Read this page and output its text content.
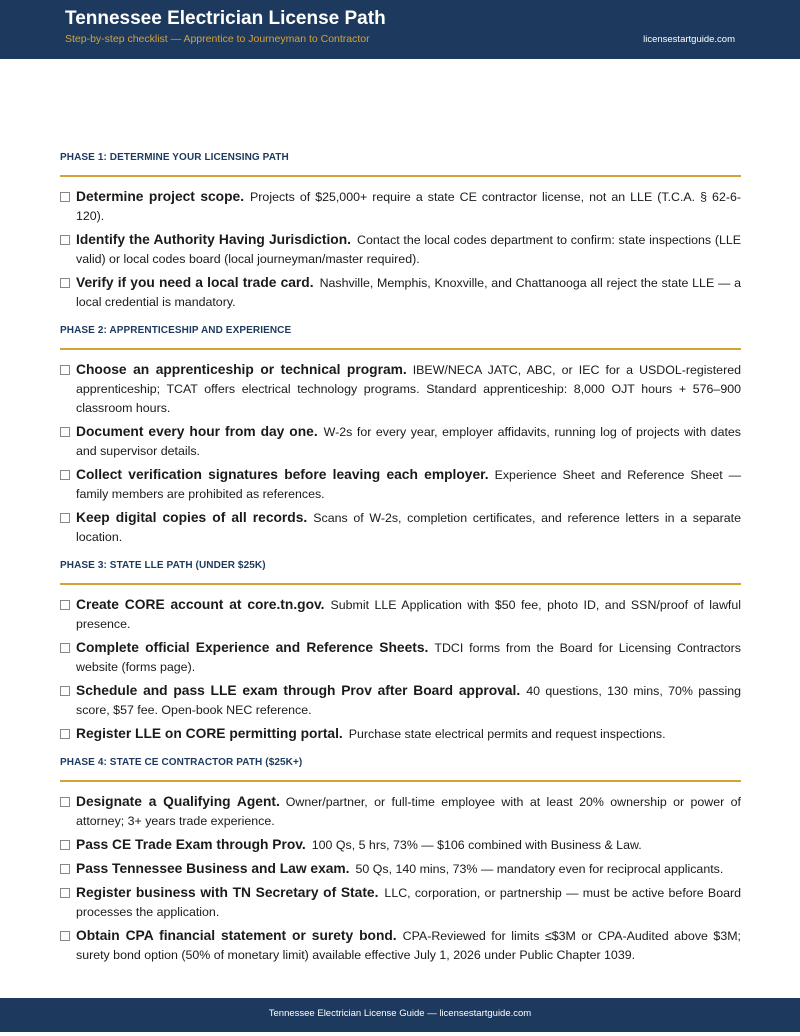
Tennessee Electrician License Path
Step-by-step checklist — Apprentice to Journeyman to Contractor	licensestartguide.com
PHASE 1: DETERMINE YOUR LICENSING PATH
Determine project scope. Projects of $25,000+ require a state CE contractor license, not an LLE (T.C.A. § 62-6-120).
Identify the Authority Having Jurisdiction. Contact the local codes department to confirm: state inspections (LLE valid) or local codes board (local journeyman/master required).
Verify if you need a local trade card. Nashville, Memphis, Knoxville, and Chattanooga all reject the state LLE — a local credential is mandatory.
PHASE 2: APPRENTICESHIP AND EXPERIENCE
Choose an apprenticeship or technical program. IBEW/NECA JATC, ABC, or IEC for a USDOL-registered apprenticeship; TCAT offers electrical technology programs. Standard apprenticeship: 8,000 OJT hours + 576–900 classroom hours.
Document every hour from day one. W-2s for every year, employer affidavits, running log of projects with dates and supervisor details.
Collect verification signatures before leaving each employer. Experience Sheet and Reference Sheet — family members are prohibited as references.
Keep digital copies of all records. Scans of W-2s, completion certificates, and reference letters in a separate location.
PHASE 3: STATE LLE PATH (UNDER $25K)
Create CORE account at core.tn.gov. Submit LLE Application with $50 fee, photo ID, and SSN/proof of lawful presence.
Complete official Experience and Reference Sheets. TDCI forms from the Board for Licensing Contractors website (forms page).
Schedule and pass LLE exam through Prov after Board approval. 40 questions, 130 mins, 70% passing score, $57 fee. Open-book NEC reference.
Register LLE on CORE permitting portal. Purchase state electrical permits and request inspections.
PHASE 4: STATE CE CONTRACTOR PATH ($25K+)
Designate a Qualifying Agent. Owner/partner, or full-time employee with at least 20% ownership or power of attorney; 3+ years trade experience.
Pass CE Trade Exam through Prov. 100 Qs, 5 hrs, 73% — $106 combined with Business & Law.
Pass Tennessee Business and Law exam. 50 Qs, 140 mins, 73% — mandatory even for reciprocal applicants.
Register business with TN Secretary of State. LLC, corporation, or partnership — must be active before Board processes the application.
Obtain CPA financial statement or surety bond. CPA-Reviewed for limits ≤$3M or CPA-Audited above $3M; surety bond option (50% of monetary limit) available effective July 1, 2026 under Public Chapter 1039.
Tennessee Electrician License Guide — licensestartguide.com
